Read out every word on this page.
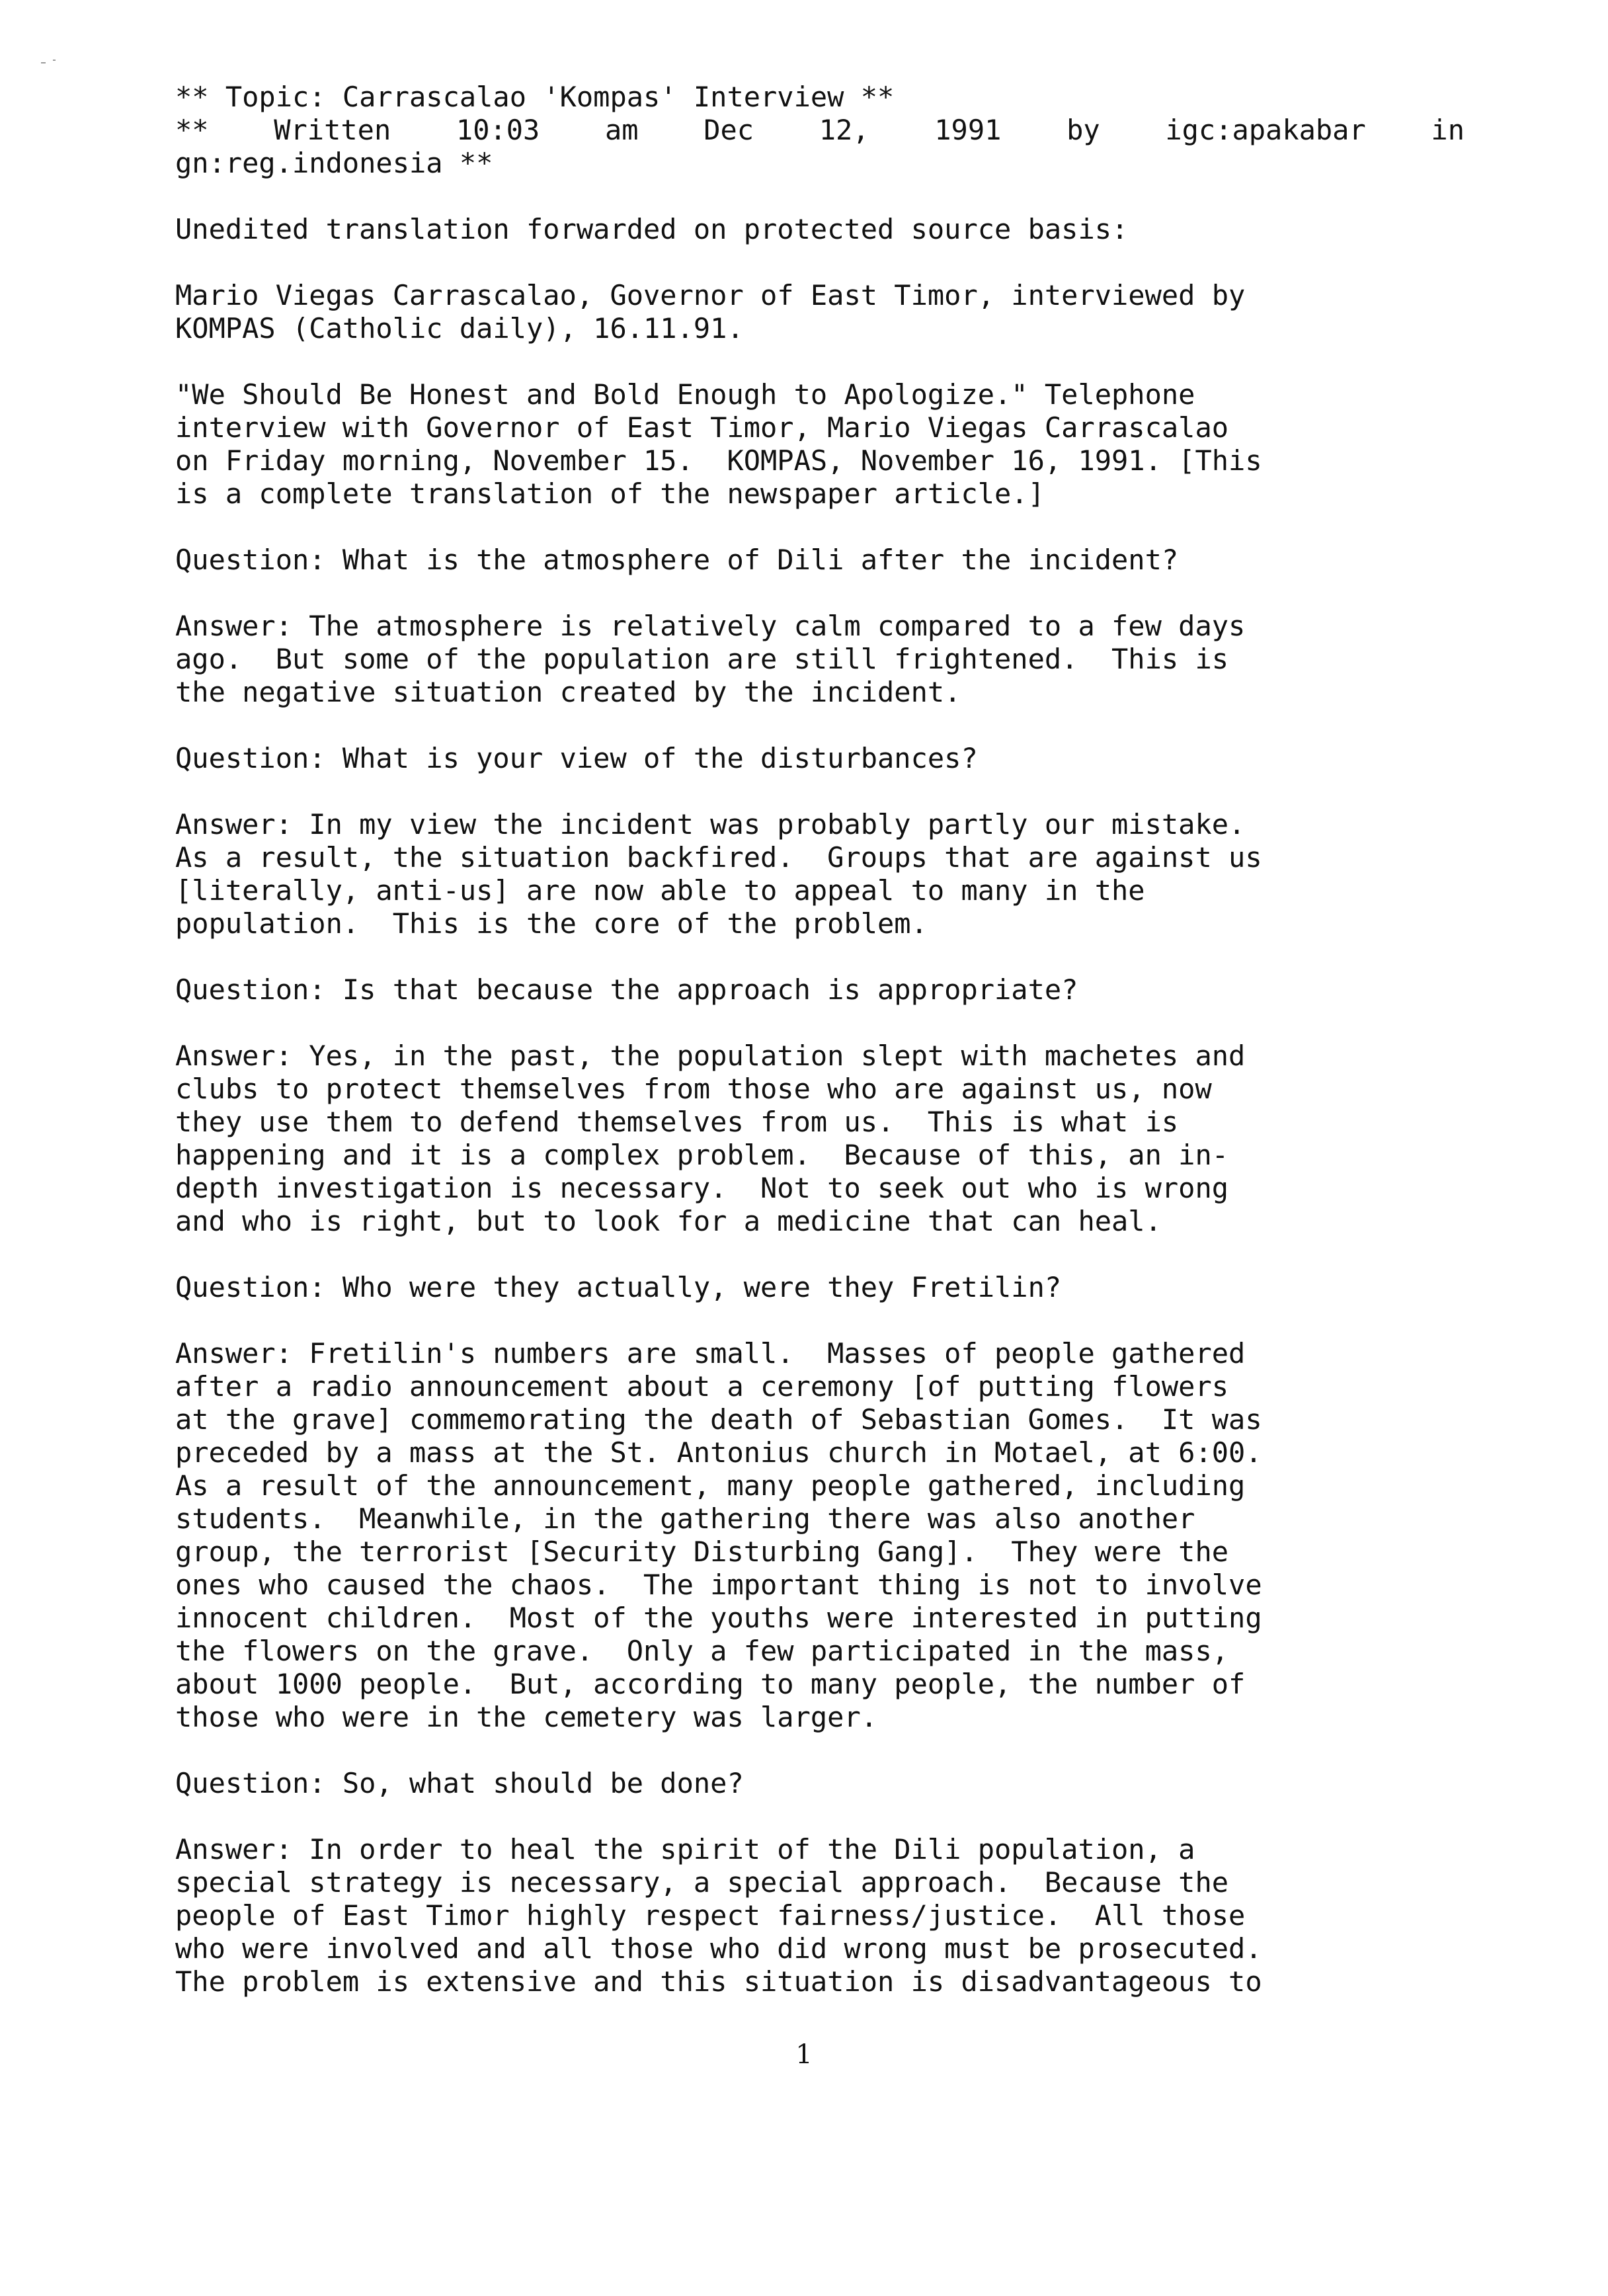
** Topic: Carrascalao 'Kompas' Interview **

** Written 10:03 am Dec 12, 1991 by igc:apakabar in

gn:reg.indonesia **

Unedited translation forwarded on protected source basis:

Mario Viegas Carrascalao, Governor of East Timor, interviewed by
KOMPAS (Catholic daily), 16.11.91.

"We Should Be Honest and Bold Enough to Apologize." Telephone
interview with Governor of East Timor, Mario Viegas Carrascalao
on Friday morning, November 15.  KOMPAS, November 16, 1991. [This
is a complete translation of the newspaper article.]

Question: What is the atmosphere of Dili after the incident?

Answer: The atmosphere is relatively calm compared to a few days
ago.  But some of the population are still frightened.  This is
the negative situation created by the incident.

Question: What is your view of the disturbances?

Answer: In my view the incident was probably partly our mistake.
As a result, the situation backfired.  Groups that are against us
[literally, anti-us] are now able to appeal to many in the
population.  This is the core of the problem.

Question: Is that because the approach is appropriate?

Answer: Yes, in the past, the population slept with machetes and
clubs to protect themselves from those who are against us, now
they use them to defend themselves from us.  This is what is
happening and it is a complex problem.  Because of this, an in-
depth investigation is necessary.  Not to seek out who is wrong
and who is right, but to look for a medicine that can heal.

Question: Who were they actually, were they Fretilin?

Answer: Fretilin's numbers are small.  Masses of people gathered
after a radio announcement about a ceremony [of putting flowers
at the grave] commemorating the death of Sebastian Gomes.  It was
preceded by a mass at the St. Antonius church in Motael, at 6:00.
As a result of the announcement, many people gathered, including
students.  Meanwhile, in the gathering there was also another
group, the terrorist [Security Disturbing Gang].  They were the
ones who caused the chaos.  The important thing is not to involve
innocent children.  Most of the youths were interested in putting
the flowers on the grave.  Only a few participated in the mass,
about 1000 people.  But, according to many people, the number of
those who were in the cemetery was larger.

Question: So, what should be done?

Answer: In order to heal the spirit of the Dili population, a
special strategy is necessary, a special approach.  Because the
people of East Timor highly respect fairness/justice.  All those
who were involved and all those who did wrong must be prosecuted.
The problem is extensive and this situation is disadvantageous to

1
